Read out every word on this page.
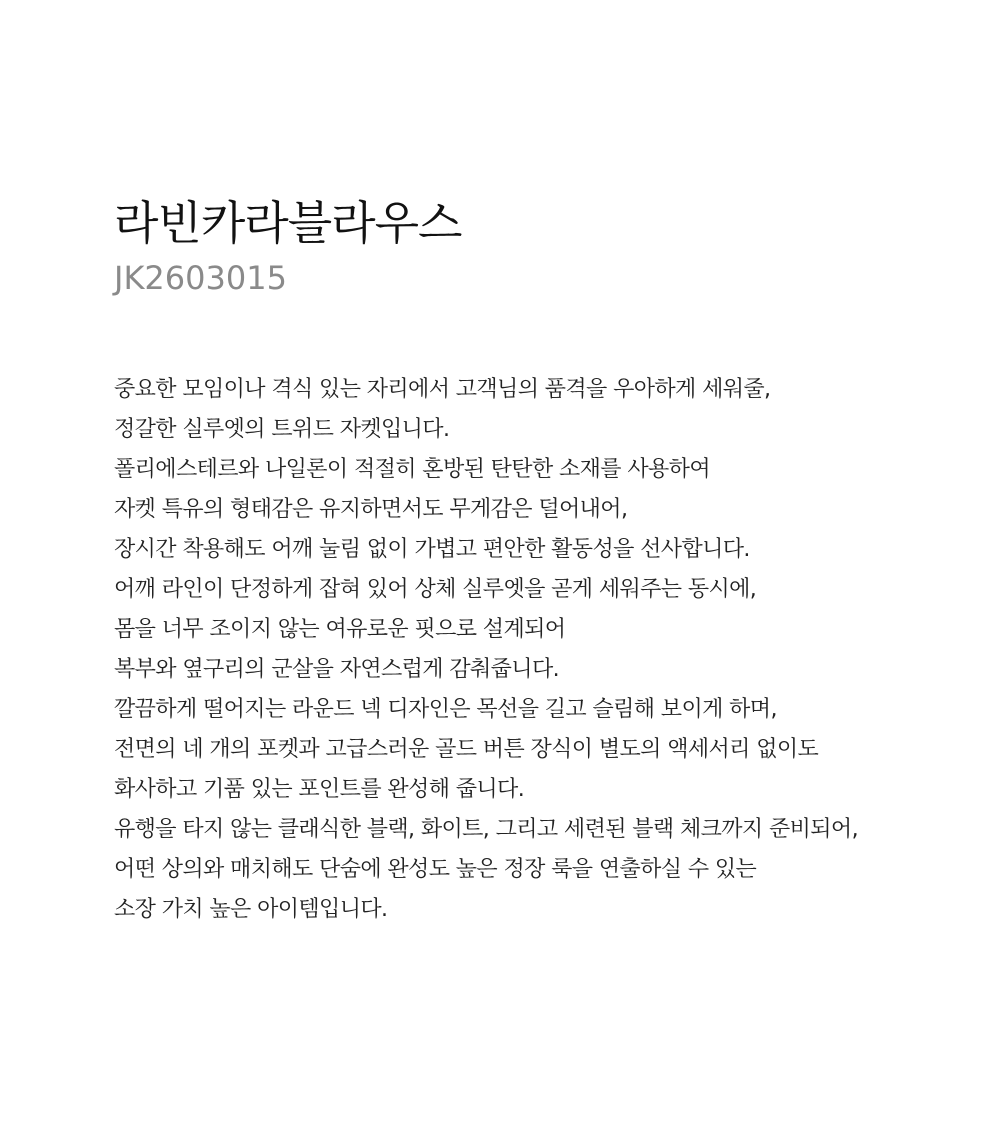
라빈카라블라우스

JK2603015

중요한 모임이나 격식 있는 자리에서 고객님의 품격을 우아하게 세워줄,
정갈한 실루엣의 트위드 자켓입니다.
폴리에스테르와 나일론이 적절히 혼방된 탄탄한 소재를 사용하여
자켓 특유의 형태감은 유지하면서도 무게감은 덜어내어,
장시간 착용해도 어깨 눌림 없이 가볍고 편안한 활동성을 선사합니다.
어깨 라인이 단정하게 잡혀 있어 상체 실루엣을 곧게 세워주는 동시에,
몸을 너무 조이지 않는 여유로운 핏으로 설계되어
복부와 옆구리의 군살을 자연스럽게 감춰줍니다.
깔끔하게 떨어지는 라운드 넥 디자인은 목선을 길고 슬림해 보이게 하며,
전면의 네 개의 포켓과 고급스러운 골드 버튼 장식이 별도의 액세서리 없이도
화사하고 기품 있는 포인트를 완성해 줍니다.
유행을 타지 않는 클래식한 블랙, 화이트, 그리고 세련된 블랙 체크까지 준비되어,
어떤 상의와 매치해도 단숨에 완성도 높은 정장 룩을 연출하실 수 있는
소장 가치 높은 아이템입니다.
